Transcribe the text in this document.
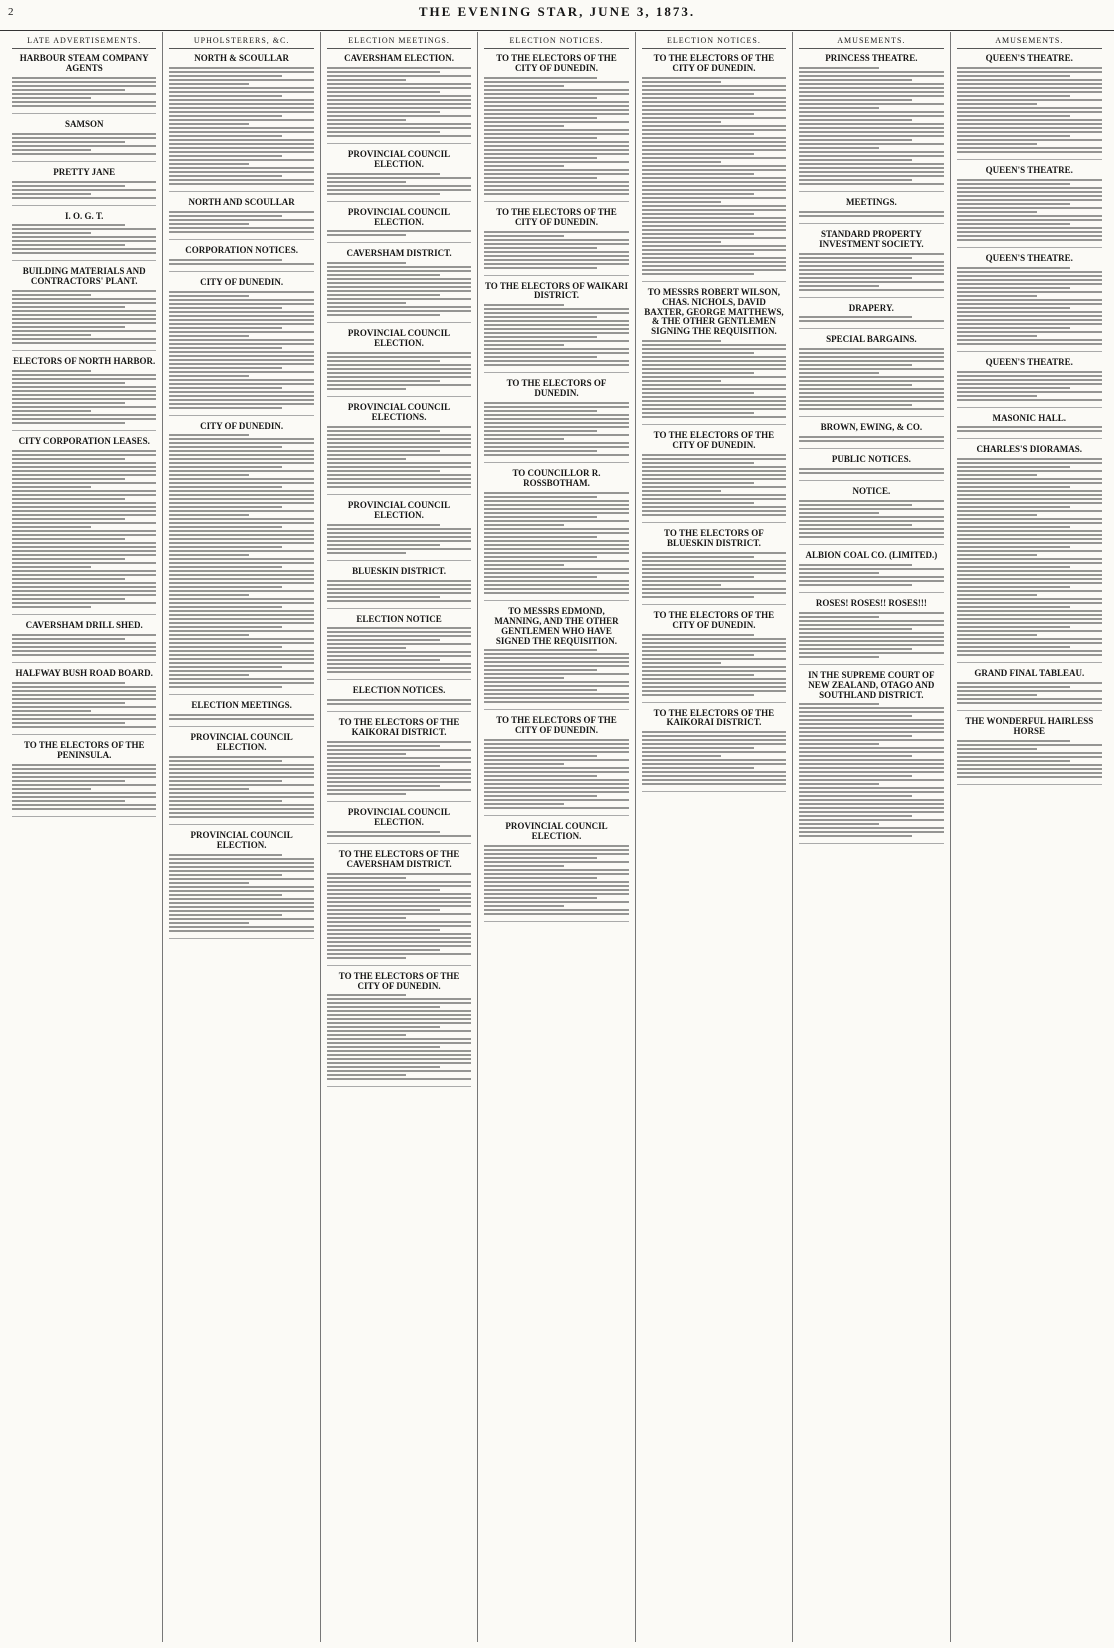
2	THE EVENING STAR, JUNE 3, 1873.
LATE ADVERTISEMENTS.
HARBOUR STEAM COMPANY AGENTS
SAMSON
PRETTY JANE
I. O. G. T.
BUILDING MATERIALS AND CONTRACTORS' PLANT.
ELECTORS OF NORTH HARBOR.
CITY CORPORATION LEASES.
CAVERSHAM DRILL SHED.
HALFWAY BUSH ROAD BOARD.
TO THE ELECTORS OF THE PENINSULA.
UPHOLSTERERS, &C.
NORTH & SCOULLAR
NORTH AND SCOULLAR
CORPORATION NOTICES.
CITY OF DUNEDIN.
CITY OF DUNEDIN.
ELECTION MEETINGS.
PROVINCIAL COUNCIL ELECTION.
PROVINCIAL COUNCIL ELECTION.
ELECTION MEETINGS.
CAVERSHAM ELECTION.
PROVINCIAL COUNCIL ELECTION.
PROVINCIAL COUNCIL ELECTION.
CAVERSHAM DISTRICT.
PROVINCIAL COUNCIL ELECTION.
PROVINCIAL COUNCIL ELECTIONS.
PROVINCIAL COUNCIL ELECTION.
BLUESKIN DISTRICT.
ELECTION NOTICE
ELECTION NOTICES.
TO THE ELECTORS OF THE KAIKORAI DISTRICT.
PROVINCIAL COUNCIL ELECTION.
TO THE ELECTORS OF THE CAVERSHAM DISTRICT.
TO THE ELECTORS OF THE CITY OF DUNEDIN.
ELECTION NOTICES.
TO THE ELECTORS OF THE CITY OF DUNEDIN.
TO THE ELECTORS OF THE CITY OF DUNEDIN.
TO THE ELECTORS OF WAIKARI DISTRICT.
TO THE ELECTORS OF DUNEDIN.
TO COUNCILLOR R. ROSSBOTHAM.
TO MESSRS EDMOND, MANNING, AND THE OTHER GENTLEMEN WHO HAVE SIGNED THE REQUISITION.
TO THE ELECTORS OF THE CITY OF DUNEDIN.
PROVINCIAL COUNCIL ELECTION.
ELECTION NOTICES.
TO THE ELECTORS OF THE CITY OF DUNEDIN.
TO MESSRS ROBERT WILSON, CHAS. NICHOLS, DAVID BAXTER, GEORGE MATTHEWS, & THE OTHER GENTLEMEN SIGNING THE REQUISITION.
TO THE ELECTORS OF THE CITY OF DUNEDIN.
TO THE ELECTORS OF BLUESKIN DISTRICT.
TO THE ELECTORS OF THE CITY OF DUNEDIN.
TO THE ELECTORS OF THE KAIKORAI DISTRICT.
AMUSEMENTS.
PRINCESS THEATRE.
MEETINGS.
STANDARD PROPERTY INVESTMENT SOCIETY.
DRAPERY.
SPECIAL BARGAINS.
BROWN, EWING, & CO.
PUBLIC NOTICES.
NOTICE.
ALBION COAL CO. (LIMITED.)
ROSES! ROSES!! ROSES!!!
IN THE SUPREME COURT OF NEW ZEALAND, OTAGO AND SOUTHLAND DISTRICT.
AMUSEMENTS.
QUEEN'S THEATRE.
QUEEN'S THEATRE.
QUEEN'S THEATRE.
QUEEN'S THEATRE.
MASONIC HALL.
CHARLES'S DIORAMAS.
GRAND FINAL TABLEAU.
THE WONDERFUL HAIRLESS HORSE
